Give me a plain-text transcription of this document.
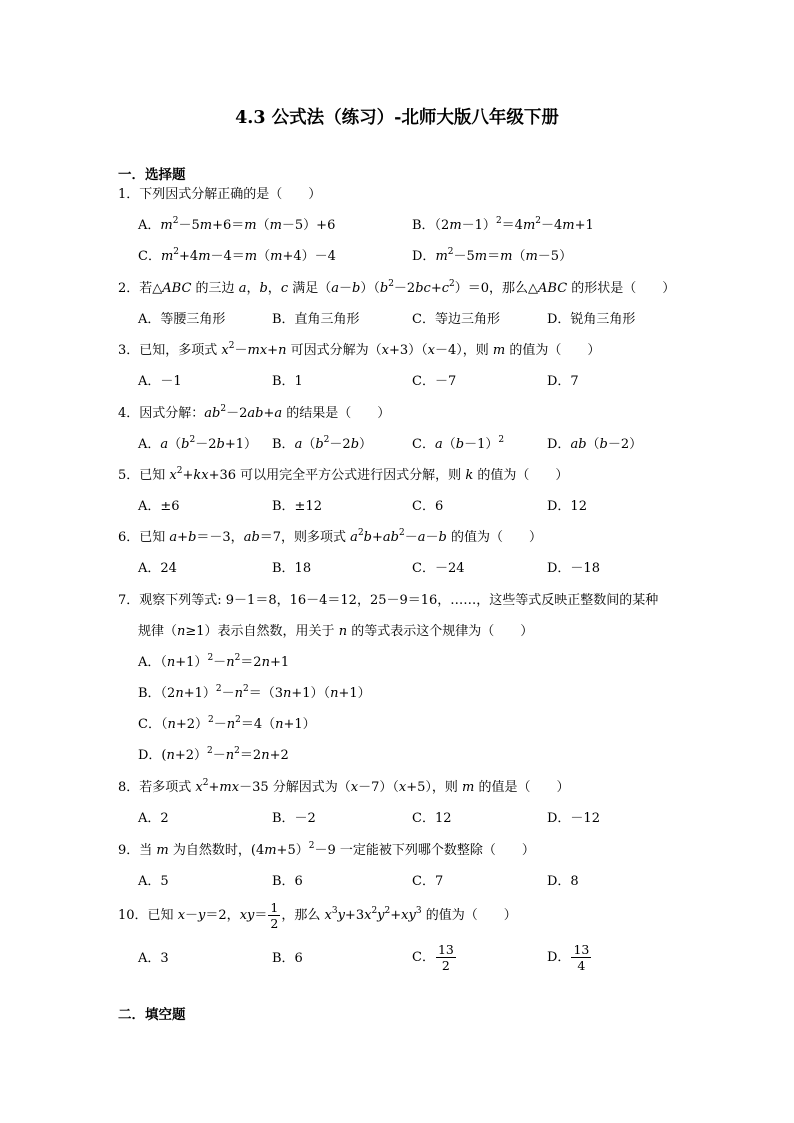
4.3 公式法（练习）-北师大版八年级下册
一．选择题
1．下列因式分解正确的是（　　）
A．$m^2-5m+6=m(m-5)+6$	B．$(2m-1)^2=4m^2-4m+1$
C．$m^2+4m-4=m(m+4)-4$	D．$m^2-5m=m(m-5)$
2．若△ABC 的三边 a，b，c 满足$(a-b)(b^2-2bc+c^2)=0$，那么△ABC 的形状是（　　）
A．等腰三角形	B．直角三角形	C．等边三角形	D．锐角三角形
3．已知，多项式 $x^2-mx+n$ 可因式分解为（x+3）（x－4），则 m 的值为（　　）
A．－1	B．1	C．－7	D．7
4．因式分解：$ab^2-2ab+a$ 的结果是（　　）
A．$a(b^2-2b+1)$ B．$a(b^2-2b)$	C．$a(b-1)^2$	D．ab（b－2）
5．已知 $x^2+kx+36$ 可以用完全平方公式进行因式分解，则 k 的值为（　　）
A．±6	B．±12	C．6	D．12
6．已知 a+b＝－3，ab＝7，则多项式 $a^2b+ab^2-a-b$ 的值为（　　）
A．24	B．18	C．－24	D．－18
7．观察下列等式: 9－1＝8，16－4＝12，25－9＝16，……，这些等式反映正整数间的某种
规律（n≥1）表示自然数，用关于 n 的等式表示这个规律为（　　）
A．$(n+1)^2-n^2=2n+1$
B．$(2n+1)^2-n^2=(3n+1)(n+1)$
C．$(n+2)^2-n^2=4(n+1)$
D．$(n+2)^2-n^2=2n+2$
8．若多项式 $x^2+mx-35$ 分解因式为（x－7）（x+5），则 m 的值是（　　）
A．2	B．－2	C．12	D．－12
9．当 m 为自然数时，(4m+5）$^2$－9 一定能被下列哪个数整除（　　）
A．5	B．6	C．7	D．8
10．已知 x－y＝2，$xy= \frac{1}{2}$ ，那么 $x^3y+3x^2y^2+xy^3$ 的值为（　　）
A．3	B．6	C． $\frac{13}{2}$	D． $\frac{13}{4}$
二．填空题
